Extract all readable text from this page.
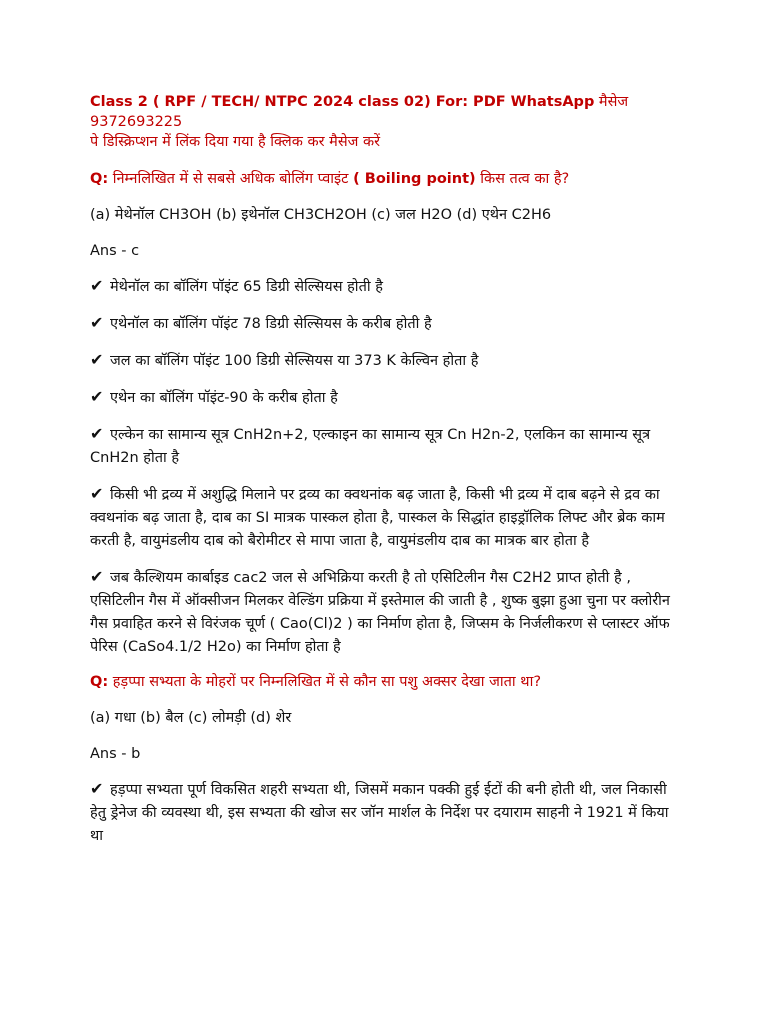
Class 2 ( RPF / TECH/ NTPC 2024 class 02) For: PDF WhatsApp मैसेज 9372693225
पे डिस्क्रिप्शन में लिंक दिया गया है क्लिक कर मैसेज करें
Q: निम्नलिखित में से सबसे अधिक बोलिंग प्वाइंट ( Boiling point) किस तत्व का है?
(a) मेथेनॉल CH3OH (b) इथेनॉल CH3CH2OH (c) जल H2O (d) एथेन C2H6
Ans - c
✔ मेथेनॉल का बॉलिंग पॉइंट 65 डिग्री सेल्सियस होती है
✔ एथेनॉल का बॉलिंग पॉइंट 78 डिग्री सेल्सियस के करीब होती है
✔ जल का बॉलिंग पॉइंट 100 डिग्री सेल्सियस या 373 K केल्विन होता है
✔ एथेन का बॉलिंग पॉइंट-90 के करीब होता है
✔ एल्केन का सामान्य सूत्र CnH2n+2, एल्काइन का सामान्य सूत्र Cn H2n-2, एलकिन का सामान्य सूत्र CnH2n होता है
✔ किसी भी द्रव्य में अशुद्धि मिलाने पर द्रव्य का क्वथनांक बढ़ जाता है, किसी भी द्रव्य में दाब बढ़ने से द्रव का क्वथनांक बढ़ जाता है, दाब का SI मात्रक पास्कल होता है, पास्कल के सिद्धांत हाइड्रॉलिक लिफ्ट और ब्रेक काम करती है, वायुमंडलीय दाब को बैरोमीटर से मापा जाता है, वायुमंडलीय दाब का मात्रक बार होता है
✔ जब कैल्शियम कार्बाइड cac2 जल से अभिक्रिया करती है तो एसिटिलीन गैस C2H2 प्राप्त होती है , एसिटिलीन गैस में ऑक्सीजन मिलकर वेल्डिंग प्रक्रिया में इस्तेमाल की जाती है , शुष्क बुझा हुआ चुना पर क्लोरीन गैस प्रवाहित करने से विरंजक चूर्ण ( Cao(Cl)2 ) का निर्माण होता है, जिप्सम के निर्जलीकरण से प्लास्टर ऑफ पेरिस (CaSo4.1/2 H2o) का निर्माण होता है
Q: हड़प्पा सभ्यता के मोहरों पर निम्नलिखित में से कौन सा पशु अक्सर देखा जाता था?
(a) गधा (b) बैल (c) लोमड़ी (d) शेर
Ans - b
✔ हड़प्पा सभ्यता पूर्ण विकसित शहरी सभ्यता थी, जिसमें मकान पक्की हुई ईटों की बनी होती थी, जल निकासी हेतु ड्रेनेज की व्यवस्था थी, इस सभ्यता की खोज सर जॉन मार्शल के निर्देश पर दयाराम साहनी ने 1921 में किया था
